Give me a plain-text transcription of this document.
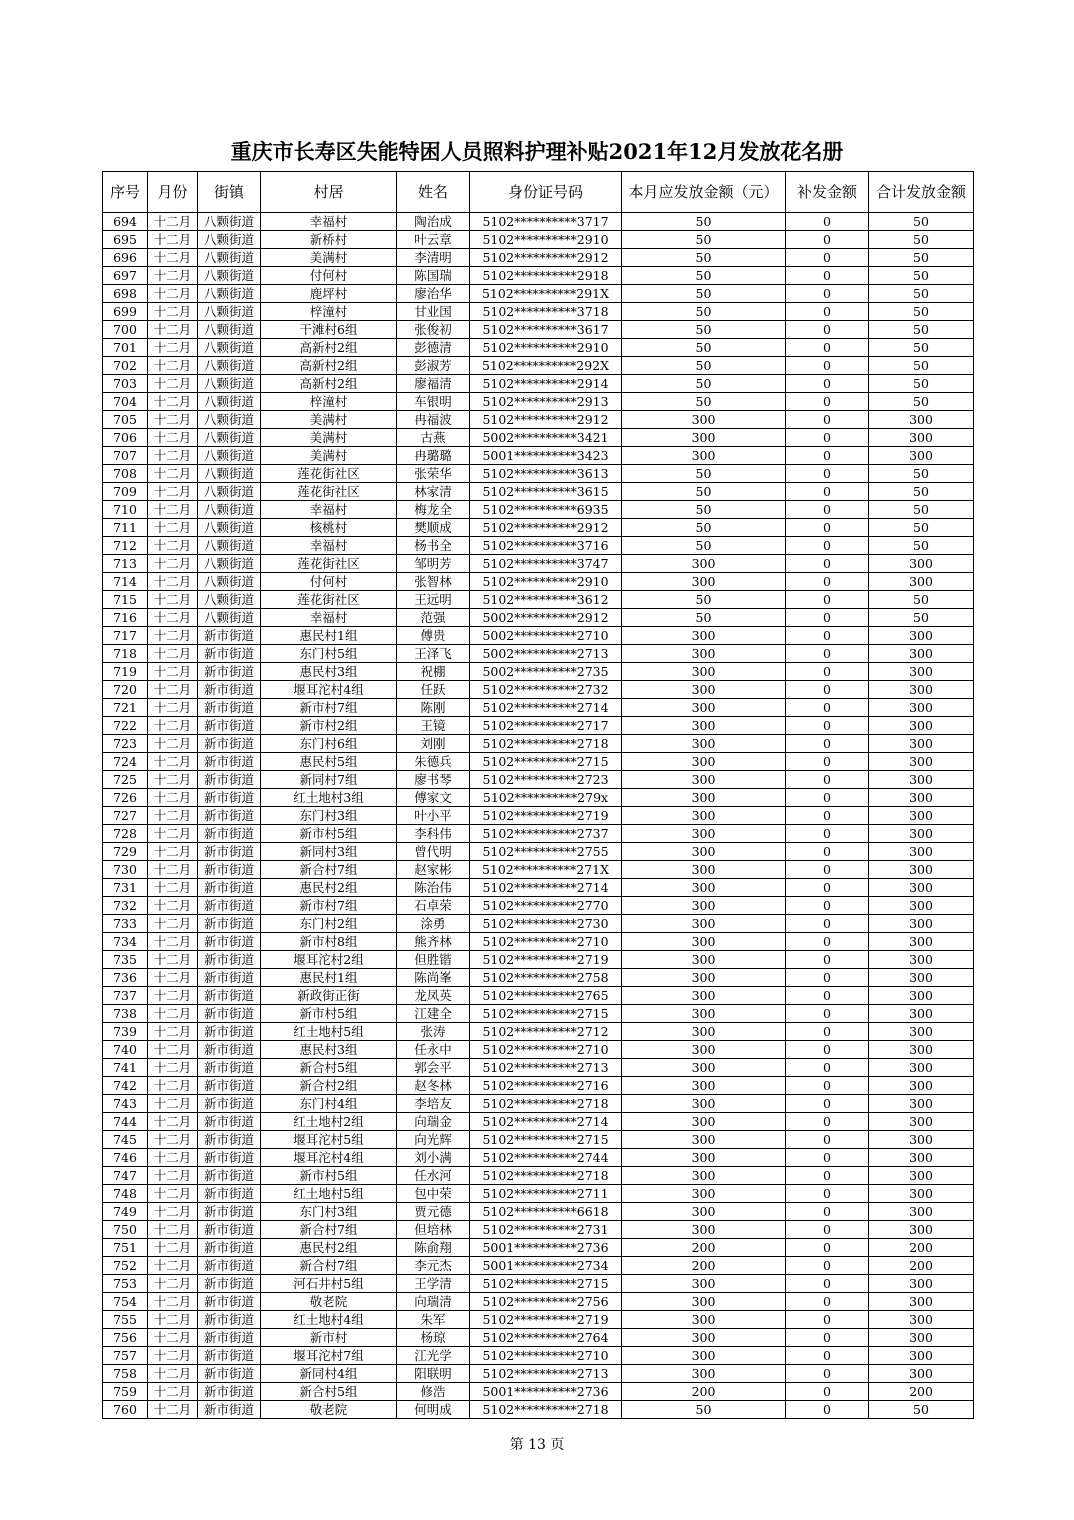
重庆市长寿区失能特困人员照料护理补贴2021年12月发放花名册
序号	月份	街镇	村居	姓名	身份证号码	本月应发放金额（元）	补发金额	合计发放金额
694	十二月	八颗街道	幸福村	陶治成	5102**********3717	50	0	50
695	十二月	八颗街道	新桥村	叶云章	5102**********2910	50	0	50
696	十二月	八颗街道	美满村	李清明	5102**********2912	50	0	50
697	十二月	八颗街道	付何村	陈国瑞	5102**********2918	50	0	50
698	十二月	八颗街道	鹿坪村	廖治华	5102**********291X	50	0	50
699	十二月	八颗街道	梓潼村	甘业国	5102**********3718	50	0	50
700	十二月	八颗街道	干滩村6组	张俊初	5102**********3617	50	0	50
701	十二月	八颗街道	高新村2组	彭德清	5102**********2910	50	0	50
702	十二月	八颗街道	高新村2组	彭淑芳	5102**********292X	50	0	50
703	十二月	八颗街道	高新村2组	廖福清	5102**********2914	50	0	50
704	十二月	八颗街道	梓潼村	车银明	5102**********2913	50	0	50
705	十二月	八颗街道	美满村	冉福波	5102**********2912	300	0	300
706	十二月	八颗街道	美满村	古燕	5002**********3421	300	0	300
707	十二月	八颗街道	美满村	冉璐璐	5001**********3423	300	0	300
708	十二月	八颗街道	莲花街社区	张荣华	5102**********3613	50	0	50
709	十二月	八颗街道	莲花街社区	林家清	5102**********3615	50	0	50
710	十二月	八颗街道	幸福村	梅龙全	5102**********6935	50	0	50
711	十二月	八颗街道	核桃村	樊顺成	5102**********2912	50	0	50
712	十二月	八颗街道	幸福村	杨书全	5102**********3716	50	0	50
713	十二月	八颗街道	莲花街社区	邹明芳	5102**********3747	300	0	300
714	十二月	八颗街道	付何村	张智林	5102**********2910	300	0	300
715	十二月	八颗街道	莲花街社区	王远明	5102**********3612	50	0	50
716	十二月	八颗街道	幸福村	范强	5002**********2912	50	0	50
717	十二月	新市街道	惠民村1组	傅贵	5002**********2710	300	0	300
718	十二月	新市街道	东门村5组	王泽飞	5002**********2713	300	0	300
719	十二月	新市街道	惠民村3组	祝棚	5002**********2735	300	0	300
720	十二月	新市街道	堰耳沱村4组	任跃	5102**********2732	300	0	300
721	十二月	新市街道	新市村7组	陈刚	5102**********2714	300	0	300
722	十二月	新市街道	新市村2组	王镜	5102**********2717	300	0	300
723	十二月	新市街道	东门村6组	刘刚	5102**********2718	300	0	300
724	十二月	新市街道	惠民村5组	朱德兵	5102**********2715	300	0	300
725	十二月	新市街道	新同村7组	廖书琴	5102**********2723	300	0	300
726	十二月	新市街道	红土地村3组	傅家文	5102**********279x	300	0	300
727	十二月	新市街道	东门村3组	叶小平	5102**********2719	300	0	300
728	十二月	新市街道	新市村5组	李科伟	5102**********2737	300	0	300
729	十二月	新市街道	新同村3组	曾代明	5102**********2755	300	0	300
730	十二月	新市街道	新合村7组	赵家彬	5102**********271X	300	0	300
731	十二月	新市街道	惠民村2组	陈治伟	5102**********2714	300	0	300
732	十二月	新市街道	新市村7组	石卓荣	5102**********2770	300	0	300
733	十二月	新市街道	东门村2组	涂勇	5102**********2730	300	0	300
734	十二月	新市街道	新市村8组	熊齐林	5102**********2710	300	0	300
735	十二月	新市街道	堰耳沱村2组	但胜锴	5102**********2719	300	0	300
736	十二月	新市街道	惠民村1组	陈尚峯	5102**********2758	300	0	300
737	十二月	新市街道	新政街正街	龙凤英	5102**********2765	300	0	300
738	十二月	新市街道	新市村5组	江建全	5102**********2715	300	0	300
739	十二月	新市街道	红土地村5组	张涛	5102**********2712	300	0	300
740	十二月	新市街道	惠民村3组	任永中	5102**********2710	300	0	300
741	十二月	新市街道	新合村5组	郭会平	5102**********2713	300	0	300
742	十二月	新市街道	新合村2组	赵冬林	5102**********2716	300	0	300
743	十二月	新市街道	东门村4组	李培友	5102**********2718	300	0	300
744	十二月	新市街道	红土地村2组	向瑞金	5102**********2714	300	0	300
745	十二月	新市街道	堰耳沱村5组	向光辉	5102**********2715	300	0	300
746	十二月	新市街道	堰耳沱村4组	刘小满	5102**********2744	300	0	300
747	十二月	新市街道	新市村5组	任水河	5102**********2718	300	0	300
748	十二月	新市街道	红土地村5组	包中荣	5102**********2711	300	0	300
749	十二月	新市街道	东门村3组	贾元德	5102**********6618	300	0	300
750	十二月	新市街道	新合村7组	但培林	5102**********2731	300	0	300
751	十二月	新市街道	惠民村2组	陈俞翔	5001**********2736	200	0	200
752	十二月	新市街道	新合村7组	李元杰	5001**********2734	200	0	200
753	十二月	新市街道	河石井村5组	王学清	5102**********2715	300	0	300
754	十二月	新市街道	敬老院	向瑞清	5102**********2756	300	0	300
755	十二月	新市街道	红土地村4组	朱军	5102**********2719	300	0	300
756	十二月	新市街道	新市村	杨琼	5102**********2764	300	0	300
757	十二月	新市街道	堰耳沱村7组	江光学	5102**********2710	300	0	300
758	十二月	新市街道	新同村4组	阳联明	5102**********2713	300	0	300
759	十二月	新市街道	新合村5组	修浩	5001**********2736	200	0	200
760	十二月	新市街道	敬老院	何明成	5102**********2718	50	0	50
第 13 页
